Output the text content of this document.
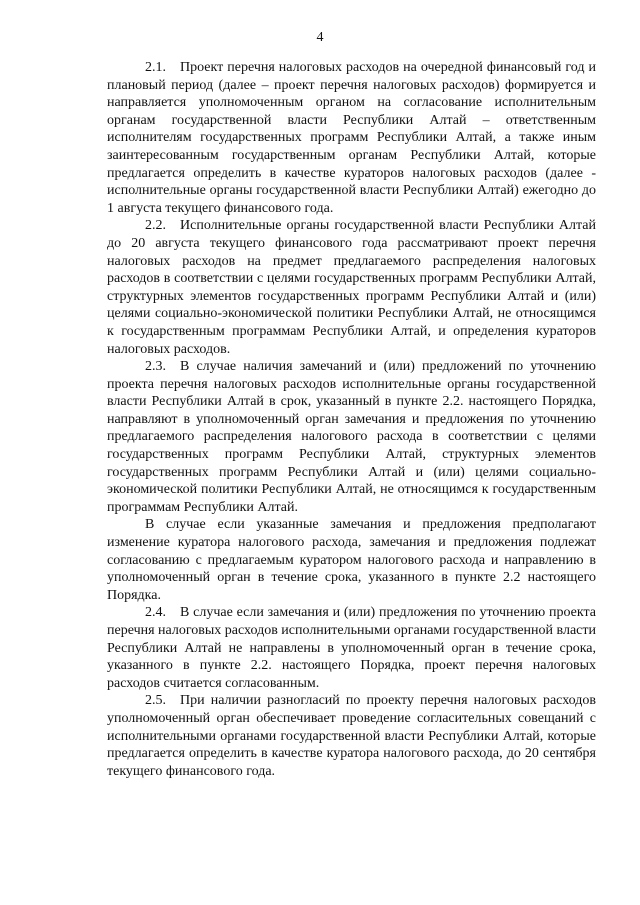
4

2.1. Проект перечня налоговых расходов на очередной финансовый год и плановый период (далее – проект перечня налоговых расходов) формируется и направляется уполномоченным органом на согласование исполнительным органам государственной власти Республики Алтай – ответственным исполнителям государственных программ Республики Алтай, а также иным заинтересованным государственным органам Республики Алтай, которые предлагается определить в качестве кураторов налоговых расходов (далее - исполнительные органы государственной власти Республики Алтай) ежегодно до 1 августа текущего финансового года.

2.2. Исполнительные органы государственной власти Республики Алтай до 20 августа текущего финансового года рассматривают проект перечня налоговых расходов на предмет предлагаемого распределения налоговых расходов в соответствии с целями государственных программ Республики Алтай, структурных элементов государственных программ Республики Алтай и (или) целями социально-экономической политики Республики Алтай, не относящимся к государственным программам Республики Алтай, и определения кураторов налоговых расходов.

2.3. В случае наличия замечаний и (или) предложений по уточнению проекта перечня налоговых расходов исполнительные органы государственной власти Республики Алтай в срок, указанный в пункте 2.2. настоящего Порядка, направляют в уполномоченный орган замечания и предложения по уточнению предлагаемого распределения налогового расхода в соответствии с целями государственных программ Республики Алтай, структурных элементов государственных программ Республики Алтай и (или) целями социально-экономической политики Республики Алтай, не относящимся к государственным программам Республики Алтай.

В случае если указанные замечания и предложения предполагают изменение куратора налогового расхода, замечания и предложения подлежат согласованию с предлагаемым куратором налогового расхода и направлению в уполномоченный орган в течение срока, указанного в пункте 2.2 настоящего Порядка.

2.4. В случае если замечания и (или) предложения по уточнению проекта перечня налоговых расходов исполнительными органами государственной власти Республики Алтай не направлены в уполномоченный орган в течение срока, указанного в пункте 2.2. настоящего Порядка, проект перечня налоговых расходов считается согласованным.

2.5. При наличии разногласий по проекту перечня налоговых расходов уполномоченный орган обеспечивает проведение согласительных совещаний с исполнительными органами государственной власти Республики Алтай, которые предлагается определить в качестве куратора налогового расхода, до 20 сентября текущего финансового года.
